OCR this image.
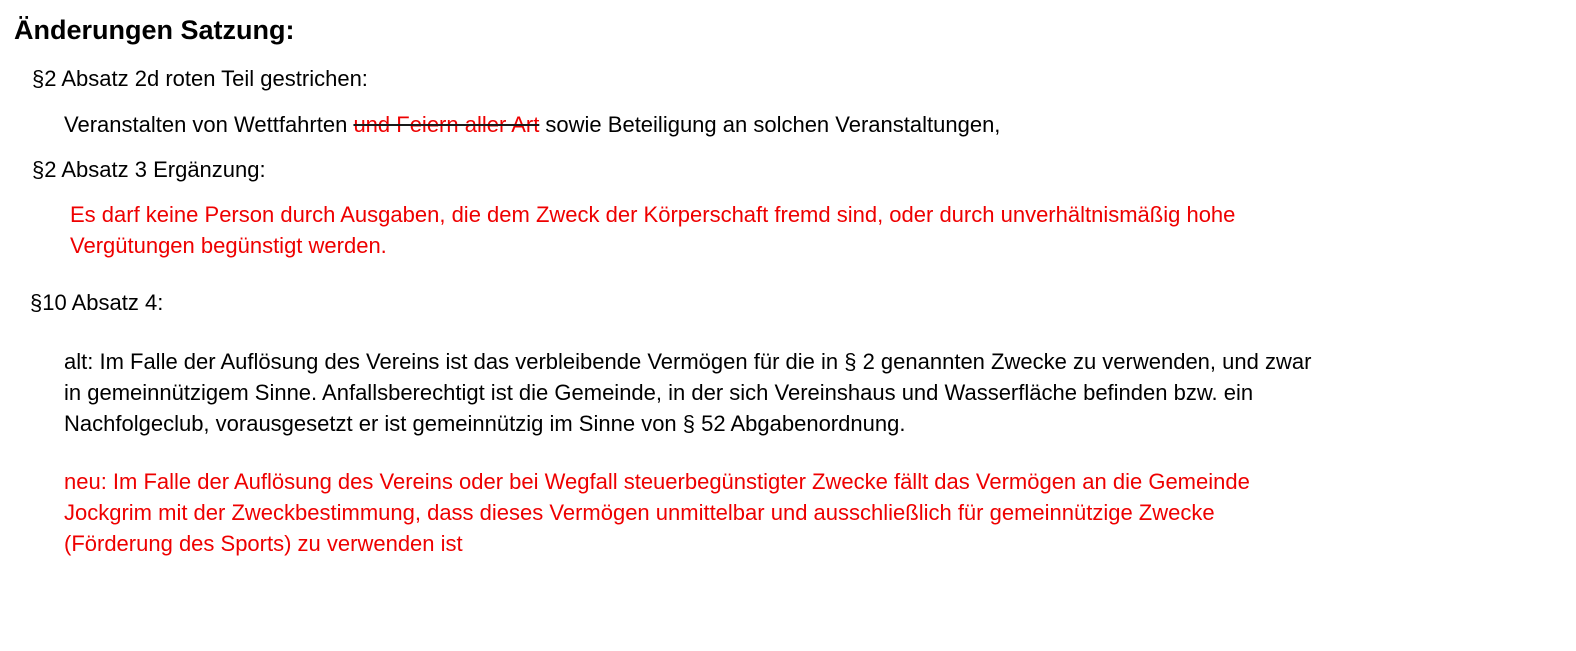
Änderungen Satzung:
§2 Absatz 2d roten Teil gestrichen:
Veranstalten von Wettfahrten und Feiern aller Art sowie Beteiligung an solchen Veranstaltungen,
§2 Absatz 3 Ergänzung:
Es darf keine Person durch Ausgaben, die dem Zweck der Körperschaft fremd sind, oder durch unverhältnismäßig hohe
Vergütungen begünstigt werden.
§10 Absatz 4:
alt: Im Falle der Auflösung des Vereins ist das verbleibende Vermögen für die in § 2 genannten Zwecke zu verwenden, und zwar
in gemeinnützigem Sinne. Anfallsberechtigt ist die Gemeinde, in der sich Vereinshaus und Wasserfläche befinden bzw. ein
Nachfolgeclub, vorausgesetzt er ist gemeinnützig im Sinne von § 52 Abgabenordnung.
neu: Im Falle der Auflösung des Vereins oder bei Wegfall steuerbegünstigter Zwecke fällt das Vermögen an die Gemeinde
Jockgrim mit der Zweckbestimmung, dass dieses Vermögen unmittelbar und ausschließlich für gemeinnützige Zwecke
(Förderung des Sports) zu verwenden ist
